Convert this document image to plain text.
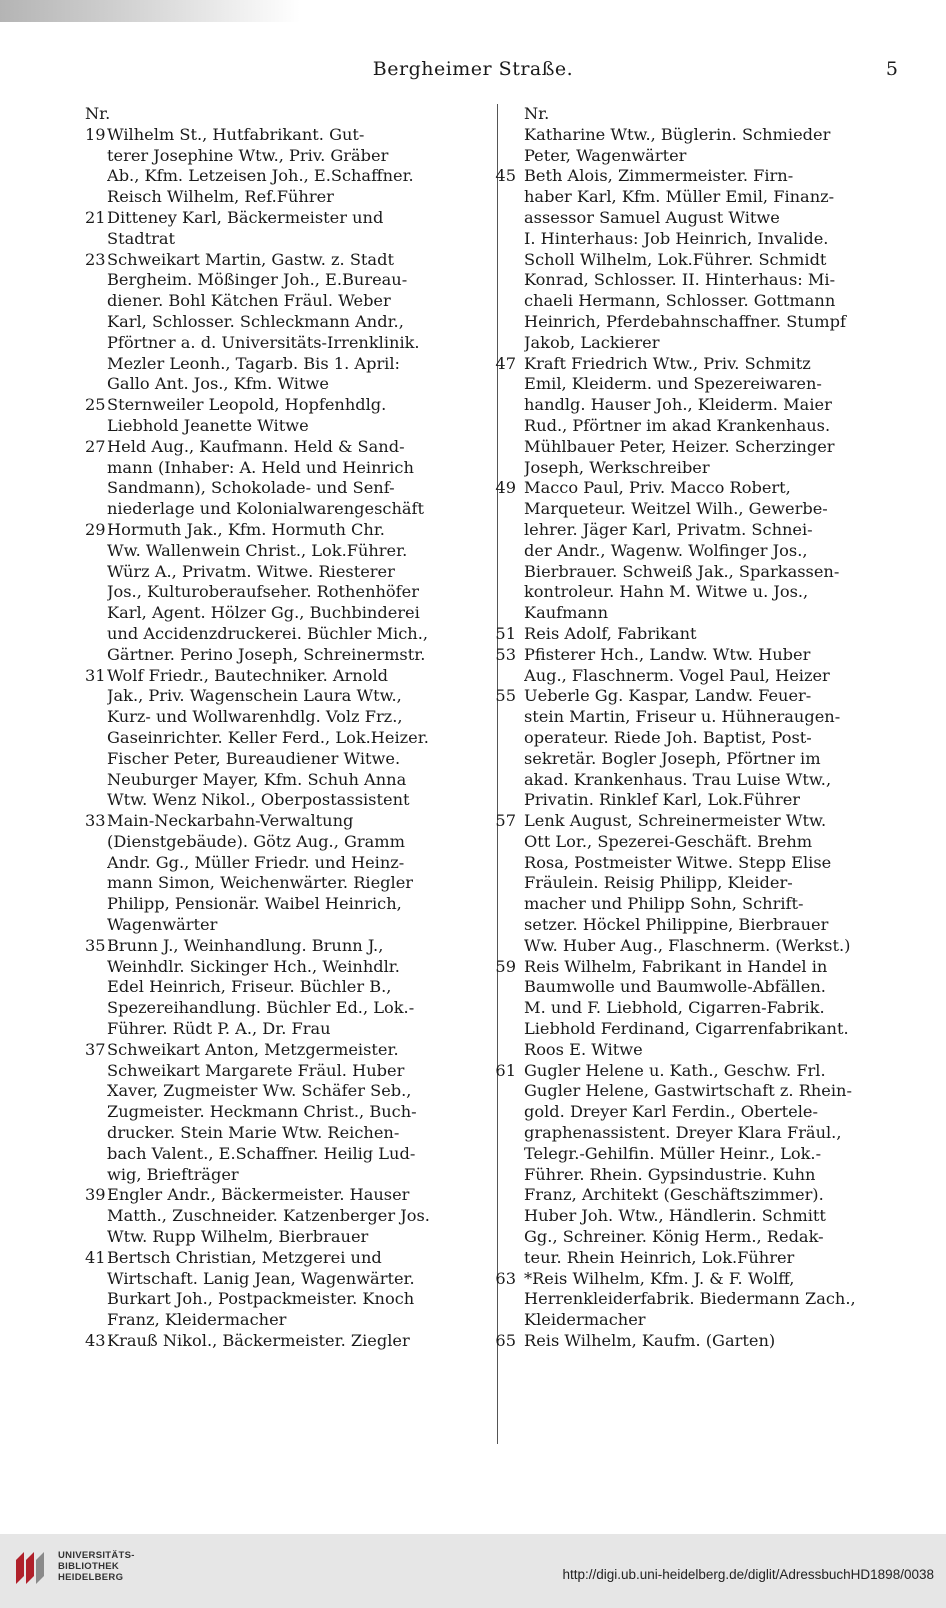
Bergheimer Straße.	5
Nr.
19 Wilhelm St., Hutfabrikant. Gut-
terer Josephine Wtw., Priv. Gräber
Ab., Kfm. Letzeisen Joh., E.Schaffner.
Reisch Wilhelm, Ref.Führer
21 Ditteney Karl, Bäckermeister und
Stadtrat
23 Schweikart Martin, Gastw. z. Stadt
Bergheim. Mößinger Joh., E.Bureau-
diener. Bohl Kätchen Fräul. Weber
Karl, Schlosser. Schleckmann Andr.,
Pförtner a. d. Universitäts-Irrenklinik.
Mezler Leonh., Tagarb. Bis 1. April:
Gallo Ant. Jos., Kfm. Witwe
25 Sternweiler Leopold, Hopfenhdlg.
Liebhold Jeanette Witwe
27 Held Aug., Kaufmann. Held & Sand-
mann (Inhaber: A. Held und Heinrich
Sandmann), Schokolade- und Senf-
niederlage und Kolonialwarengeschäft
29 Hormuth Jak., Kfm. Hormuth Chr.
Ww. Wallenwein Christ., Lok.Führer.
Würz A., Privatm. Witwe. Riesterer
Jos., Kulturoberaufseher. Rothenhöfer
Karl, Agent. Hölzer Gg., Buchbinderei
und Accidenzdruckerei. Büchler Mich.,
Gärtner. Perino Joseph, Schreinermstr.
31 Wolf Friedr., Bautechniker. Arnold
Jak., Priv. Wagenschein Laura Wtw.,
Kurz- und Wollwarenhdlg. Volz Frz.,
Gaseinrichter. Keller Ferd., Lok.Heizer.
Fischer Peter, Bureaudiener Witwe.
Neuburger Mayer, Kfm. Schuh Anna
Wtw. Wenz Nikol., Oberpostassistent
33 Main-Neckarbahn-Verwaltung
(Dienstgebäude). Götz Aug., Gramm
Andr. Gg., Müller Friedr. und Heinz-
mann Simon, Weichenwärter. Riegler
Philipp, Pensionär. Waibel Heinrich,
Wagenwärter
35 Brunn J., Weinhandlung. Brunn J.,
Weinhdlr. Sickinger Hch., Weinhdlr.
Edel Heinrich, Friseur. Büchler B.,
Spezereihandlung. Büchler Ed., Lok.-
Führer. Rüdt P. A., Dr. Frau
37 Schweikart Anton, Metzgermeister.
Schweikart Margarete Fräul. Huber
Xaver, Zugmeister Ww. Schäfer Seb.,
Zugmeister. Heckmann Christ., Buch-
drucker. Stein Marie Wtw. Reichen-
bach Valent., E.Schaffner. Heilig Lud-
wig, Briefträger
39 Engler Andr., Bäckermeister. Hauser
Matth., Zuschneider. Katzenberger Jos.
Wtw. Rupp Wilhelm, Bierbrauer
41 Bertsch Christian, Metzgerei und
Wirtschaft. Lanig Jean, Wagenwärter.
Burkart Joh., Postpackmeister. Knoch
Franz, Kleidermacher
43 Krauß Nikol., Bäckermeister. Ziegler
Nr.
Katharine Wtw., Büglerin. Schmieder
Peter, Wagenwärter
45 Beth Alois, Zimmermeister. Firn-
haber Karl, Kfm. Müller Emil, Finanz-
assessor Samuel August Witwe
I. Hinterhaus: Job Heinrich, Invalide.
Scholl Wilhelm, Lok.Führer. Schmidt
Konrad, Schlosser. II. Hinterhaus: Mi-
chaeli Hermann, Schlosser. Gottmann
Heinrich, Pferdebahnschaffner. Stumpf
Jakob, Lackierer
47 Kraft Friedrich Wtw., Priv. Schmitz
Emil, Kleiderm. und Spezereiwaren-
handlg. Hauser Joh., Kleiderm. Maier
Rud., Pförtner im akad Krankenhaus.
Mühlbauer Peter, Heizer. Scherzinger
Joseph, Werkschreiber
49 Macco Paul, Priv. Macco Robert,
Marqueteur. Weitzel Wilh., Gewerbe-
lehrer. Jäger Karl, Privatm. Schnei-
der Andr., Wagenw. Wolfinger Jos.,
Bierbrauer. Schweiß Jak., Sparkassen-
kontroleur. Hahn M. Witwe u. Jos.,
Kaufmann
51 Reis Adolf, Fabrikant
53 Pfisterer Hch., Landw. Wtw. Huber
Aug., Flaschnerm. Vogel Paul, Heizer
55 Ueberle Gg. Kaspar, Landw. Feuer-
stein Martin, Friseur u. Hühneraugen-
operateur. Riede Joh. Baptist, Post-
sekretär. Bogler Joseph, Pförtner im
akad. Krankenhaus. Trau Luise Wtw.,
Privatin. Rinklef Karl, Lok.Führer
57 Lenk August, Schreinermeister Wtw.
Ott Lor., Spezerei-Geschäft. Brehm
Rosa, Postmeister Witwe. Stepp Elise
Fräulein. Reisig Philipp, Kleider-
macher und Philipp Sohn, Schrift-
setzer. Höckel Philippine, Bierbrauer
Ww. Huber Aug., Flaschnerm. (Werkst.)
59 Reis Wilhelm, Fabrikant in Handel in
Baumwolle und Baumwolle-Abfällen.
M. und F. Liebhold, Cigarren-Fabrik.
Liebhold Ferdinand, Cigarrenfabrikant.
Roos E. Witwe
61 Gugler Helene u. Kath., Geschw. Frl.
Gugler Helene, Gastwirtschaft z. Rhein-
gold. Dreyer Karl Ferdin., Obertele-
graphenassistent. Dreyer Klara Fräul.,
Telegr.-Gehilfin. Müller Heinr., Lok.-
Führer. Rhein. Gypsindustrie. Kuhn
Franz, Architekt (Geschäftszimmer).
Huber Joh. Wtw., Händlerin. Schmitt
Gg., Schreiner. König Herm., Redak-
teur. Rhein Heinrich, Lok.Führer
63 *Reis Wilhelm, Kfm. J. & F. Wolff,
Herrenkleiderfabrik. Biedermann Zach.,
Kleidermacher
65 Reis Wilhelm, Kaufm. (Garten)
UNIVERSITÄTS-
BIBLIOTHEK
HEIDELBERG	http://digi.ub.uni-heidelberg.de/diglit/AdressbuchHD1898/0038
